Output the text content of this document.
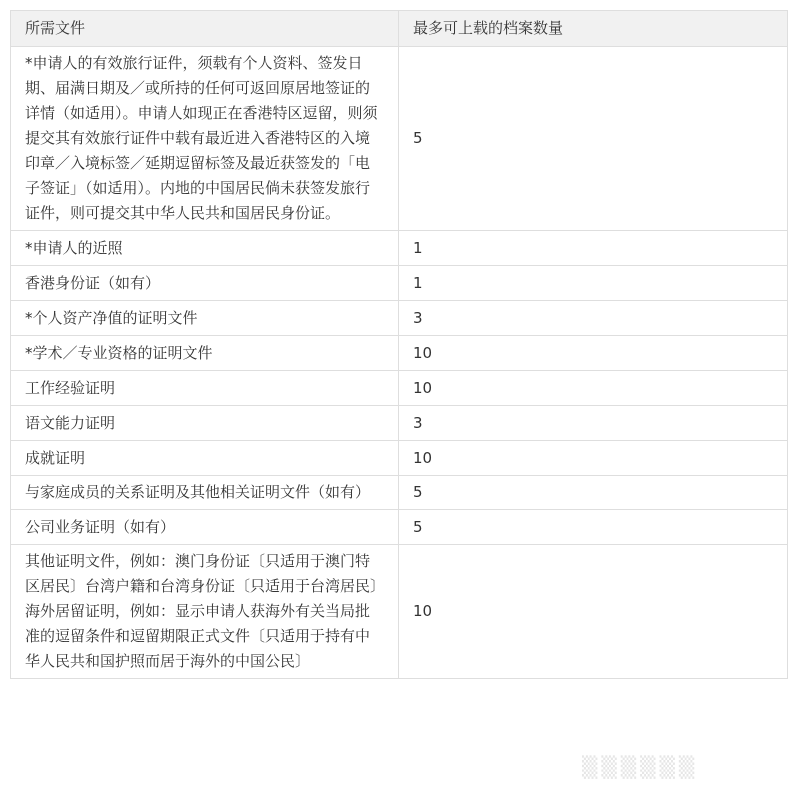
所需文件	最多可上载的档案数量
*申请人的有效旅行证件，须载有个人资料、签发日期、届满日期及／或所持的任何可返回原居地签证的详情（如适用）。申请人如现正在香港特区逗留，则须提交其有效旅行证件中载有最近进入香港特区的入境印章／入境标签／延期逗留标签及最近获签发的「电子签证」（如适用）。内地的中国居民倘未获签发旅行证件，则可提交其中华人民共和国居民身份证。	5
*申请人的近照	1
香港身份证（如有）	1
*个人资产净值的证明文件	3
*学术／专业资格的证明文件	10
工作经验证明	10
语文能力证明	3
成就证明	10
与家庭成员的关系证明及其他相关证明文件（如有）	5
公司业务证明（如有）	5
其他证明文件，例如：澳门身份证〔只适用于澳门特区居民〕台湾户籍和台湾身份证〔只适用于台湾居民〕海外居留证明，例如：显示申请人获海外有关当局批准的逗留条件和逗留期限正式文件〔只适用于持有中华人民共和国护照而居于海外的中国公民〕	10
▒▒▒▒▒▒
